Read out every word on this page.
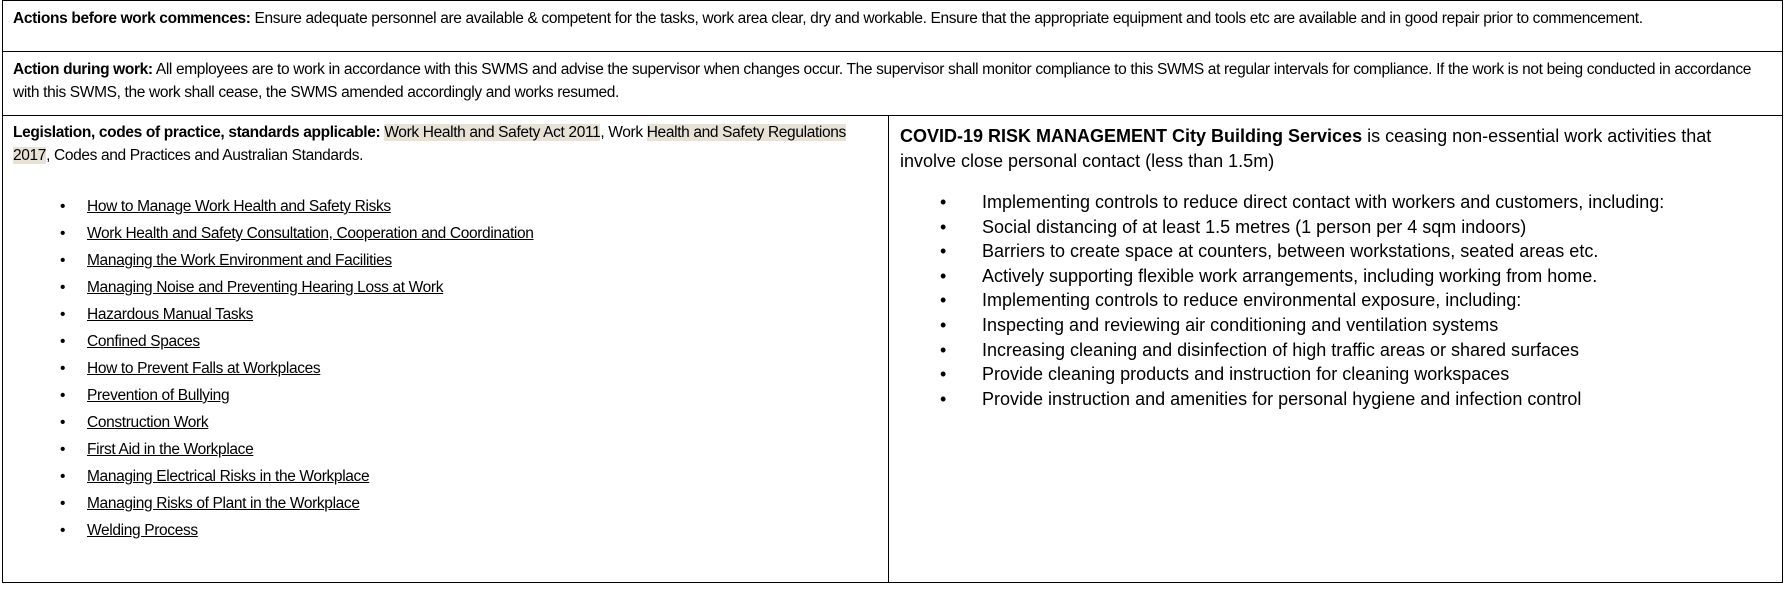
Actions before work commences: Ensure adequate personnel are available & competent for the tasks, work area clear, dry and workable. Ensure that the appropriate equipment and tools etc are available and in good repair prior to commencement.

Action during work: All employees are to work in accordance with this SWMS and advise the supervisor when changes occur. The supervisor shall monitor compliance to this SWMS at regular intervals for compliance. If the work is not being conducted in accordance with this SWMS, the work shall cease, the SWMS amended accordingly and works resumed.

Legislation, codes of practice, standards applicable: Work Health and Safety Act 2011, Work Health and Safety Regulations 2017, Codes and Practices and Australian Standards.
• How to Manage Work Health and Safety Risks
• Work Health and Safety Consultation, Cooperation and Coordination
• Managing the Work Environment and Facilities
• Managing Noise and Preventing Hearing Loss at Work
• Hazardous Manual Tasks
• Confined Spaces
• How to Prevent Falls at Workplaces
• Prevention of Bullying
• Construction Work
• First Aid in the Workplace
• Managing Electrical Risks in the Workplace
• Managing Risks of Plant in the Workplace
• Welding Process

COVID-19 RISK MANAGEMENT City Building Services is ceasing non-essential work activities that involve close personal contact (less than 1.5m)
• Implementing controls to reduce direct contact with workers and customers, including:
• Social distancing of at least 1.5 metres (1 person per 4 sqm indoors)
• Barriers to create space at counters, between workstations, seated areas etc.
• Actively supporting flexible work arrangements, including working from home.
• Implementing controls to reduce environmental exposure, including:
• Inspecting and reviewing air conditioning and ventilation systems
• Increasing cleaning and disinfection of high traffic areas or shared surfaces
• Provide cleaning products and instruction for cleaning workspaces
• Provide instruction and amenities for personal hygiene and infection control
